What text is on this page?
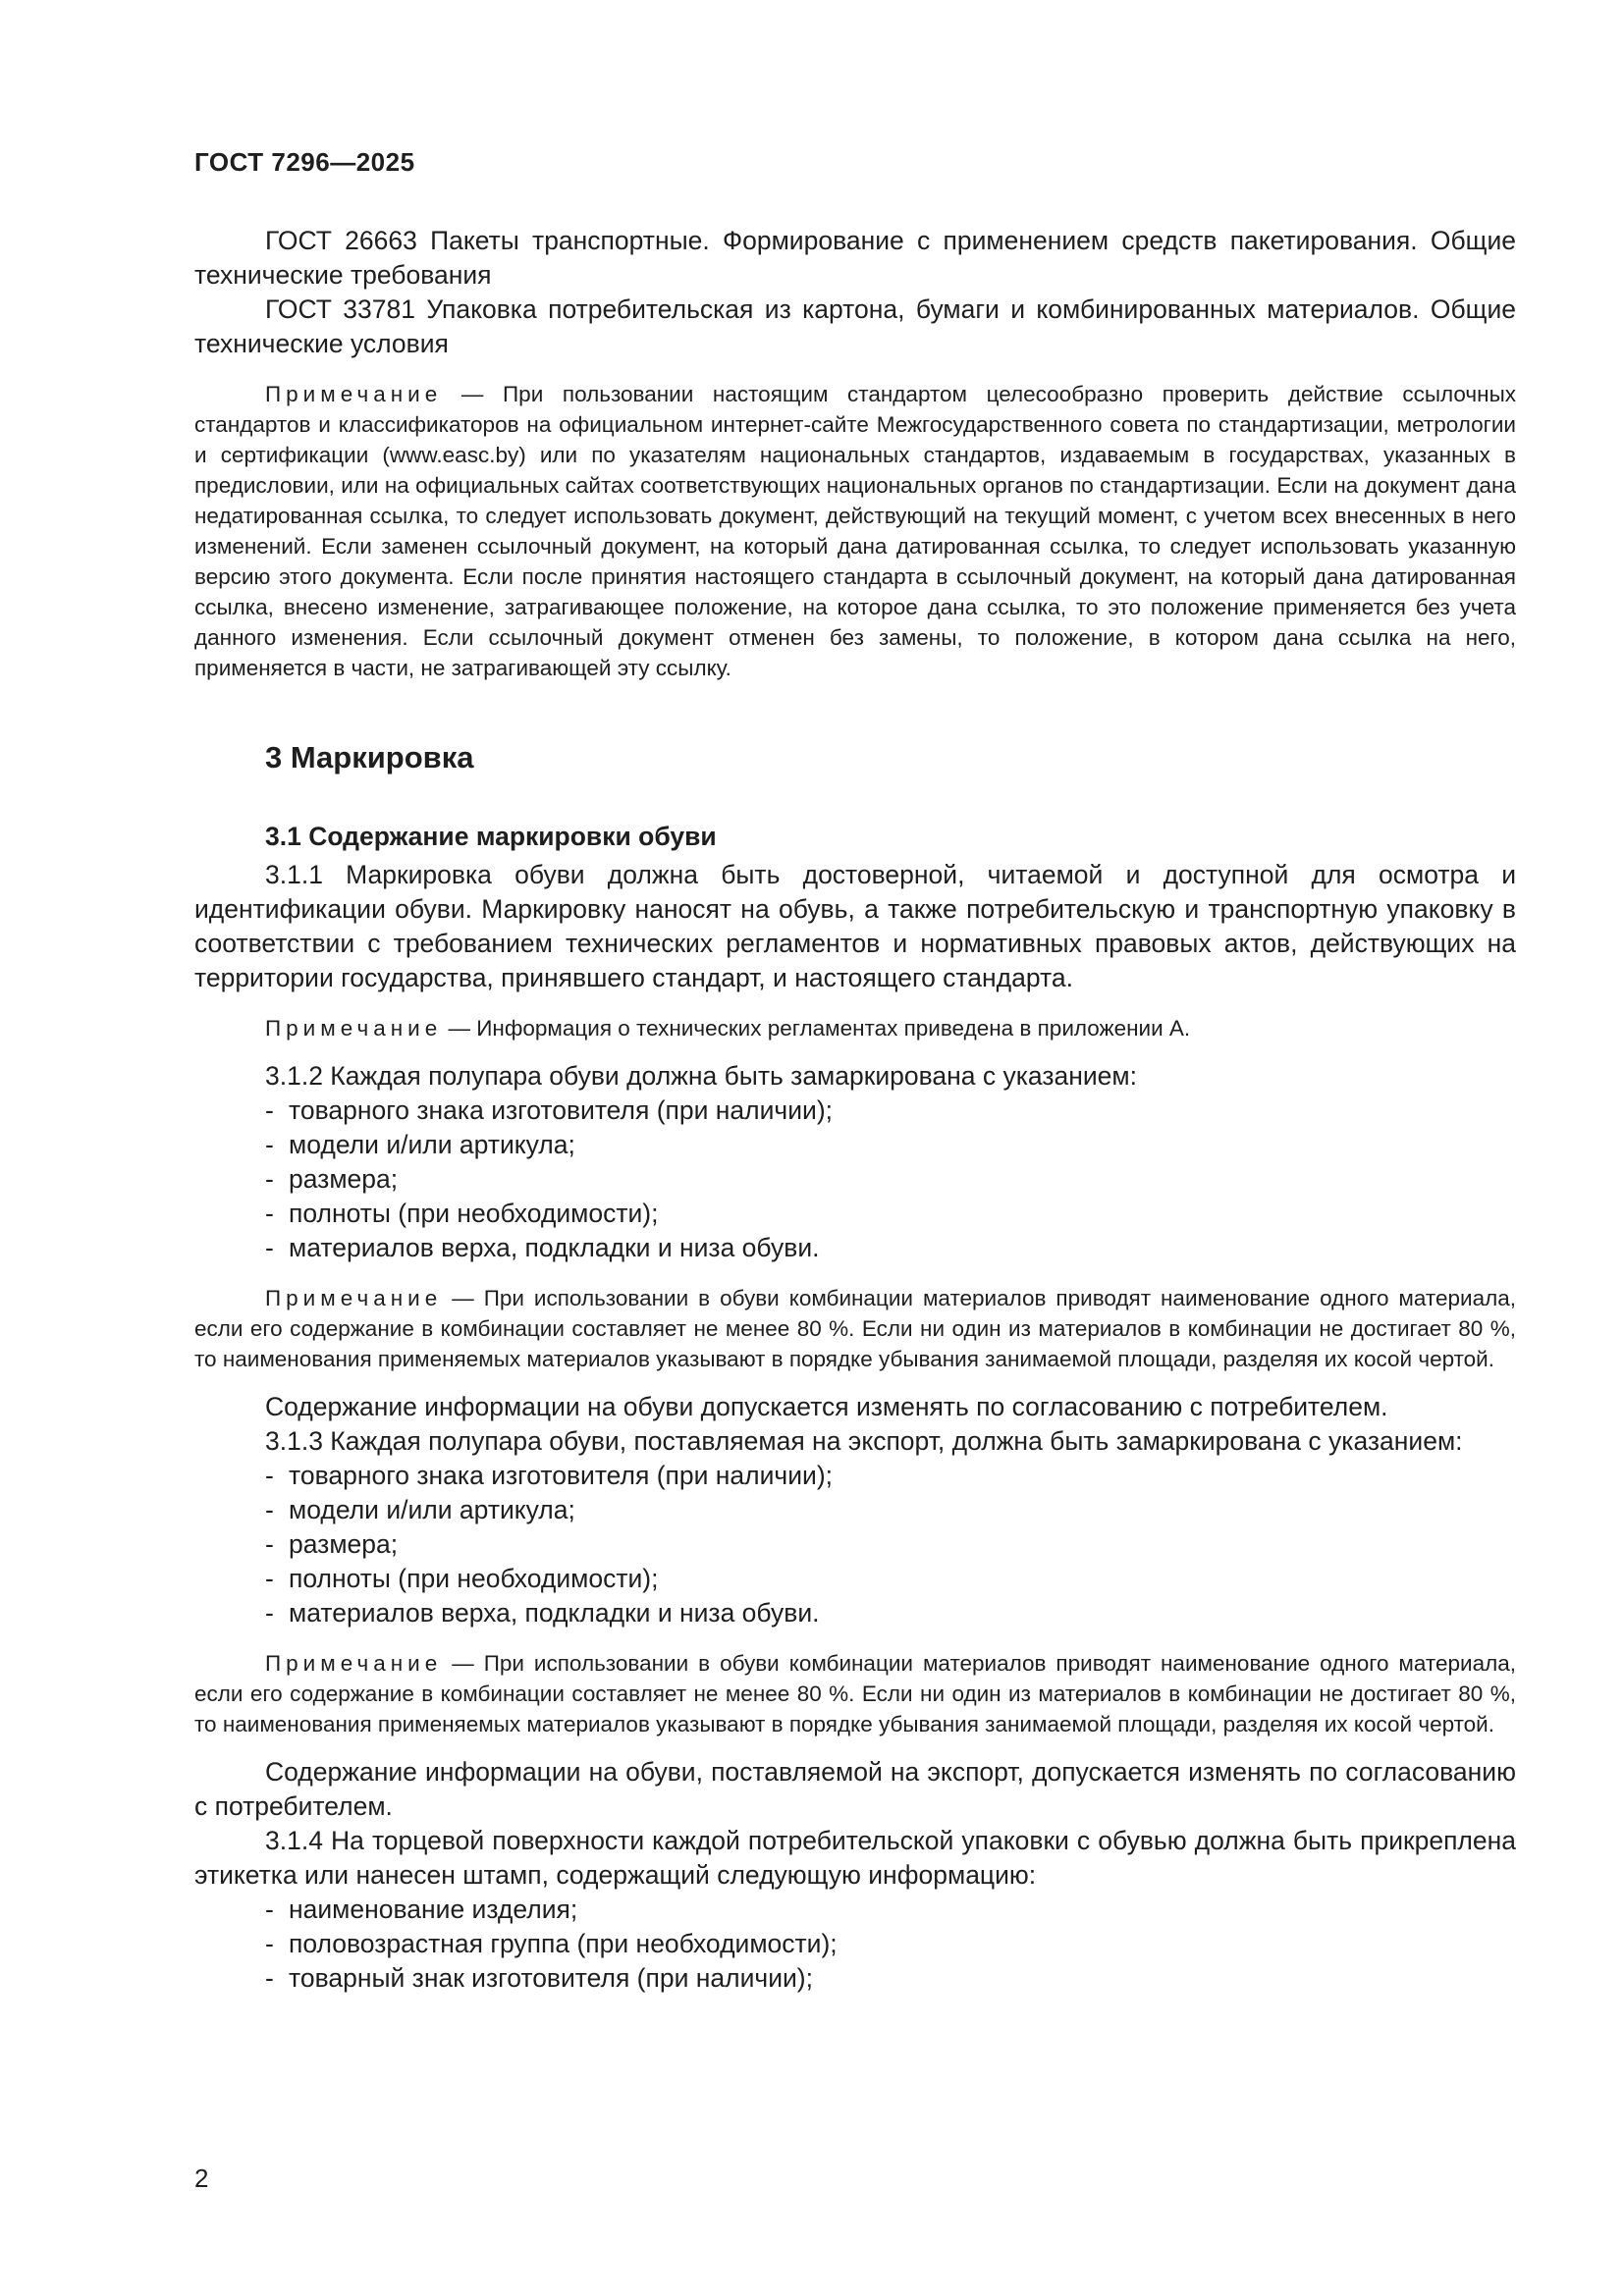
ГОСТ 7296—2025

ГОСТ 26663 Пакеты транспортные. Формирование с применением средств пакетирования. Общие технические требования

ГОСТ 33781 Упаковка потребительская из картона, бумаги и комбинированных материалов. Общие технические условия

Примечание — При пользовании настоящим стандартом целесообразно проверить действие ссылочных стандартов и классификаторов на официальном интернет-сайте Межгосударственного совета по стандартизации, метрологии и сертификации (www.easc.by) или по указателям национальных стандартов, издаваемым в государствах, указанных в предисловии, или на официальных сайтах соответствующих национальных органов по стандартизации. Если на документ дана недатированная ссылка, то следует использовать документ, действующий на текущий момент, с учетом всех внесенных в него изменений. Если заменен ссылочный документ, на который дана датированная ссылка, то следует использовать указанную версию этого документа. Если после принятия настоящего стандарта в ссылочный документ, на который дана датированная ссылка, внесено изменение, затрагивающее положение, на которое дана ссылка, то это положение применяется без учета данного изменения. Если ссылочный документ отменен без замены, то положение, в котором дана ссылка на него, применяется в части, не затрагивающей эту ссылку.

3 Маркировка

3.1 Содержание маркировки обуви

3.1.1 Маркировка обуви должна быть достоверной, читаемой и доступной для осмотра и идентификации обуви. Маркировку наносят на обувь, а также потребительскую и транспортную упаковку в соответствии с требованием технических регламентов и нормативных правовых актов, действующих на территории государства, принявшего стандарт, и настоящего стандарта.

Примечание — Информация о технических регламентах приведена в приложении А.

3.1.2 Каждая полупара обуви должна быть замаркирована с указанием:

- товарного знака изготовителя (при наличии);
- модели и/или артикула;
- размера;
- полноты (при необходимости);
- материалов верха, подкладки и низа обуви.

Примечание — При использовании в обуви комбинации материалов приводят наименование одного материала, если его содержание в комбинации составляет не менее 80 %. Если ни один из материалов в комбинации не достигает 80 %, то наименования применяемых материалов указывают в порядке убывания занимаемой площади, разделяя их косой чертой.

Содержание информации на обуви допускается изменять по согласованию с потребителем.

3.1.3 Каждая полупара обуви, поставляемая на экспорт, должна быть замаркирована с указанием:

- товарного знака изготовителя (при наличии);
- модели и/или артикула;
- размера;
- полноты (при необходимости);
- материалов верха, подкладки и низа обуви.

Примечание — При использовании в обуви комбинации материалов приводят наименование одного материала, если его содержание в комбинации составляет не менее 80 %. Если ни один из материалов в комбинации не достигает 80 %, то наименования применяемых материалов указывают в порядке убывания занимаемой площади, разделяя их косой чертой.

Содержание информации на обуви, поставляемой на экспорт, допускается изменять по согласованию с потребителем.

3.1.4 На торцевой поверхности каждой потребительской упаковки с обувью должна быть прикреплена этикетка или нанесен штамп, содержащий следующую информацию:

- наименование изделия;
- половозрастная группа (при необходимости);
- товарный знак изготовителя (при наличии);
2
